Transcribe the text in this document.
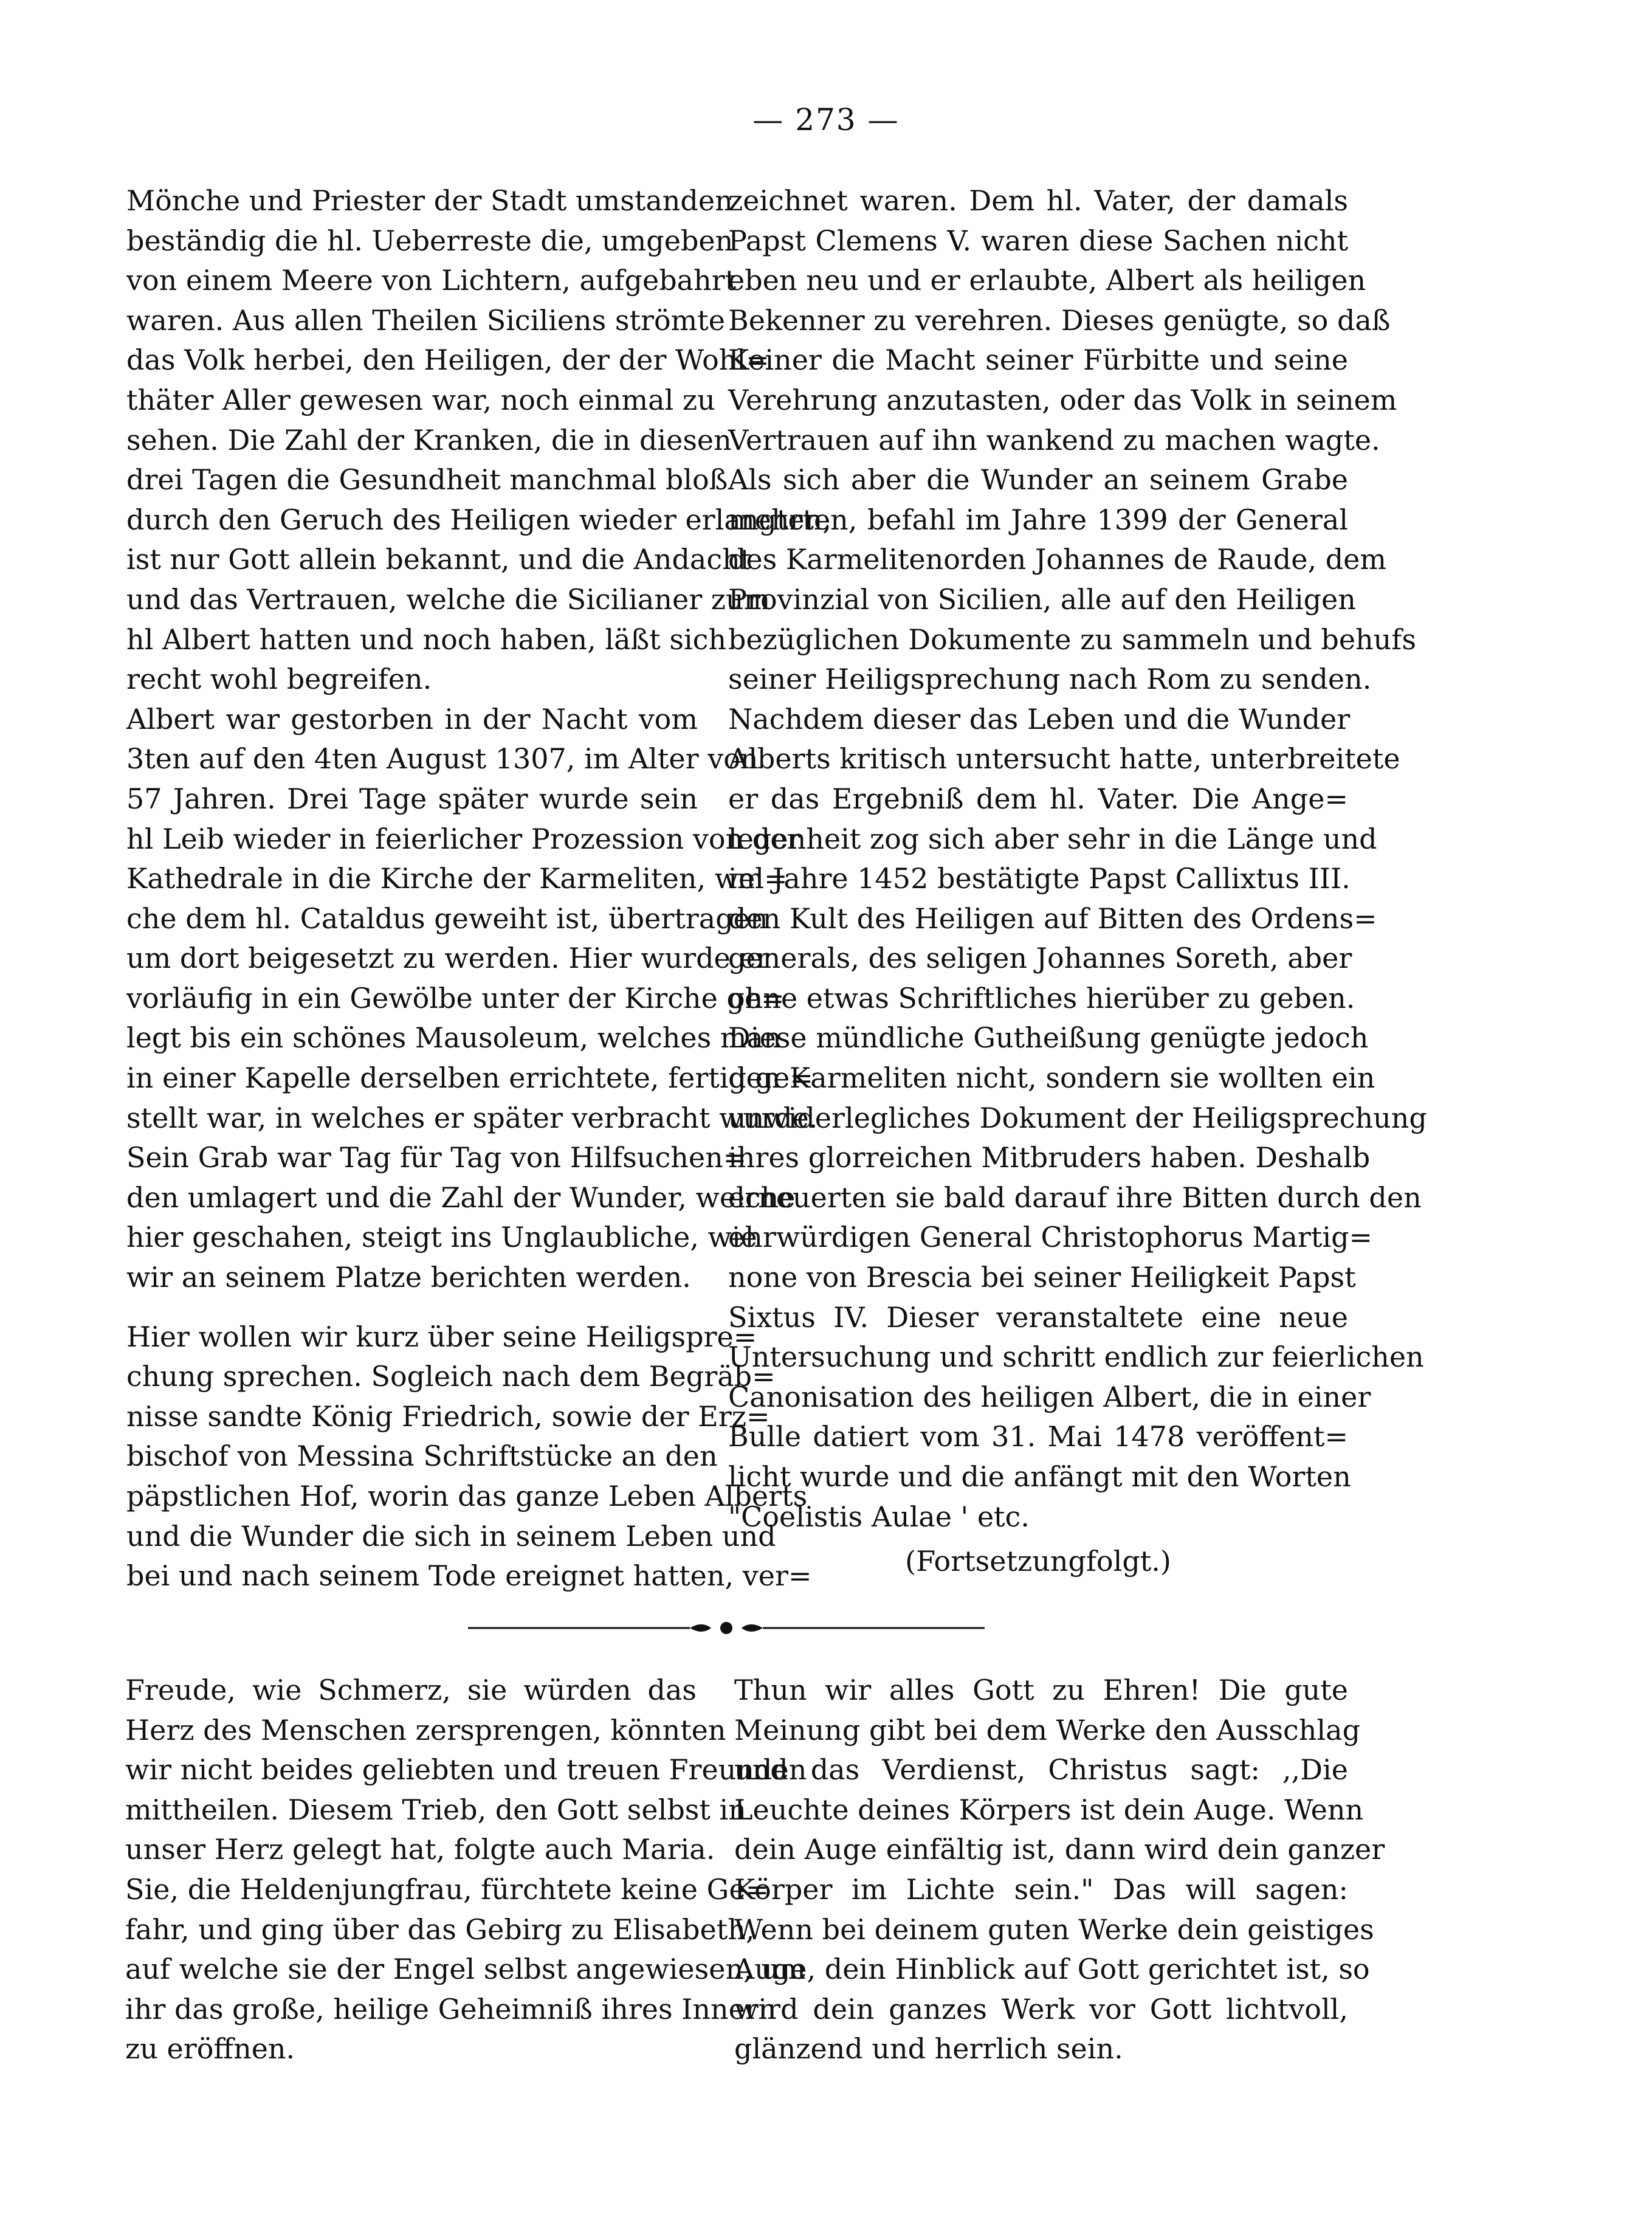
— 273 —
Mönche und Priester der Stadt umstanden
beständig die hl. Ueberreste die, umgeben
von einem Meere von Lichtern, aufgebahrt
waren. Aus allen Theilen Siciliens strömte
das Volk herbei, den Heiligen, der der Wohl=
thäter Aller gewesen war, noch einmal zu
sehen. Die Zahl der Kranken, die in diesen
drei Tagen die Gesundheit manchmal bloß
durch den Geruch des Heiligen wieder erlangten,
ist nur Gott allein bekannt, und die Andacht
und das Vertrauen, welche die Sicilianer zum
hl Albert hatten und noch haben, läßt sich
recht wohl begreifen.
Albert war gestorben in der Nacht vom
3ten auf den 4ten August 1307, im Alter von
57 Jahren. Drei Tage später wurde sein
hl Leib wieder in feierlicher Prozession von der
Kathedrale in die Kirche der Karmeliten, wel=
che dem hl. Cataldus geweiht ist, übertragen
um dort beigesetzt zu werden. Hier wurde er
vorläufig in ein Gewölbe unter der Kirche ge=
legt bis ein schönes Mausoleum, welches man
in einer Kapelle derselben errichtete, fertig ge=
stellt war, in welches er später verbracht wurde.
Sein Grab war Tag für Tag von Hilfsuchen=
den umlagert und die Zahl der Wunder, welche
hier geschahen, steigt ins Unglaubliche, wie
wir an seinem Platze berichten werden.
Hier wollen wir kurz über seine Heiligspre=
chung sprechen. Sogleich nach dem Begräb=
nisse sandte König Friedrich, sowie der Erz=
bischof von Messina Schriftstücke an den
päpstlichen Hof, worin das ganze Leben Alberts
und die Wunder die sich in seinem Leben und
bei und nach seinem Tode ereignet hatten, ver=
zeichnet waren. Dem hl. Vater, der damals
Papst Clemens V. waren diese Sachen nicht
eben neu und er erlaubte, Albert als heiligen
Bekenner zu verehren. Dieses genügte, so daß
Keiner die Macht seiner Fürbitte und seine
Verehrung anzutasten, oder das Volk in seinem
Vertrauen auf ihn wankend zu machen wagte.
Als sich aber die Wunder an seinem Grabe
mehrten, befahl im Jahre 1399 der General
des Karmelitenorden Johannes de Raude, dem
Provinzial von Sicilien, alle auf den Heiligen
bezüglichen Dokumente zu sammeln und behufs
seiner Heiligsprechung nach Rom zu senden.
Nachdem dieser das Leben und die Wunder
Alberts kritisch untersucht hatte, unterbreitete
er das Ergebniß dem hl. Vater. Die Ange=
legenheit zog sich aber sehr in die Länge und
im Jahre 1452 bestätigte Papst Callixtus III.
den Kult des Heiligen auf Bitten des Ordens=
generals, des seligen Johannes Soreth, aber
ohne etwas Schriftliches hierüber zu geben.
Diese mündliche Gutheißung genügte jedoch
den Karmeliten nicht, sondern sie wollten ein
unwiderlegliches Dokument der Heiligsprechung
ihres glorreichen Mitbruders haben. Deshalb
erneuerten sie bald darauf ihre Bitten durch den
ehrwürdigen General Christophorus Martig=
none von Brescia bei seiner Heiligkeit Papst
Sixtus IV. Dieser veranstaltete eine neue
Untersuchung und schritt endlich zur feierlichen
Canonisation des heiligen Albert, die in einer
Bulle datiert vom 31. Mai 1478 veröffent=
licht wurde und die anfängt mit den Worten
"Coelistis Aulae ' etc.
(Fortsetzungfolgt.)
Freude, wie Schmerz, sie würden das
Herz des Menschen zersprengen, könnten
wir nicht beides geliebten und treuen Freunden
mittheilen. Diesem Trieb, den Gott selbst in
unser Herz gelegt hat, folgte auch Maria.
Sie, die Heldenjungfrau, fürchtete keine Ge=
fahr, und ging über das Gebirg zu Elisabeth,
auf welche sie der Engel selbst angewiesen, um
ihr das große, heilige Geheimniß ihres Innern
zu eröffnen.
Thun wir alles Gott zu Ehren! Die gute
Meinung gibt bei dem Werke den Ausschlag
und das Verdienst, Christus sagt: ,,Die
Leuchte deines Körpers ist dein Auge. Wenn
dein Auge einfältig ist, dann wird dein ganzer
Körper im Lichte sein." Das will sagen:
Wenn bei deinem guten Werke dein geistiges
Auge, dein Hinblick auf Gott gerichtet ist, so
wird dein ganzes Werk vor Gott lichtvoll,
glänzend und herrlich sein.
